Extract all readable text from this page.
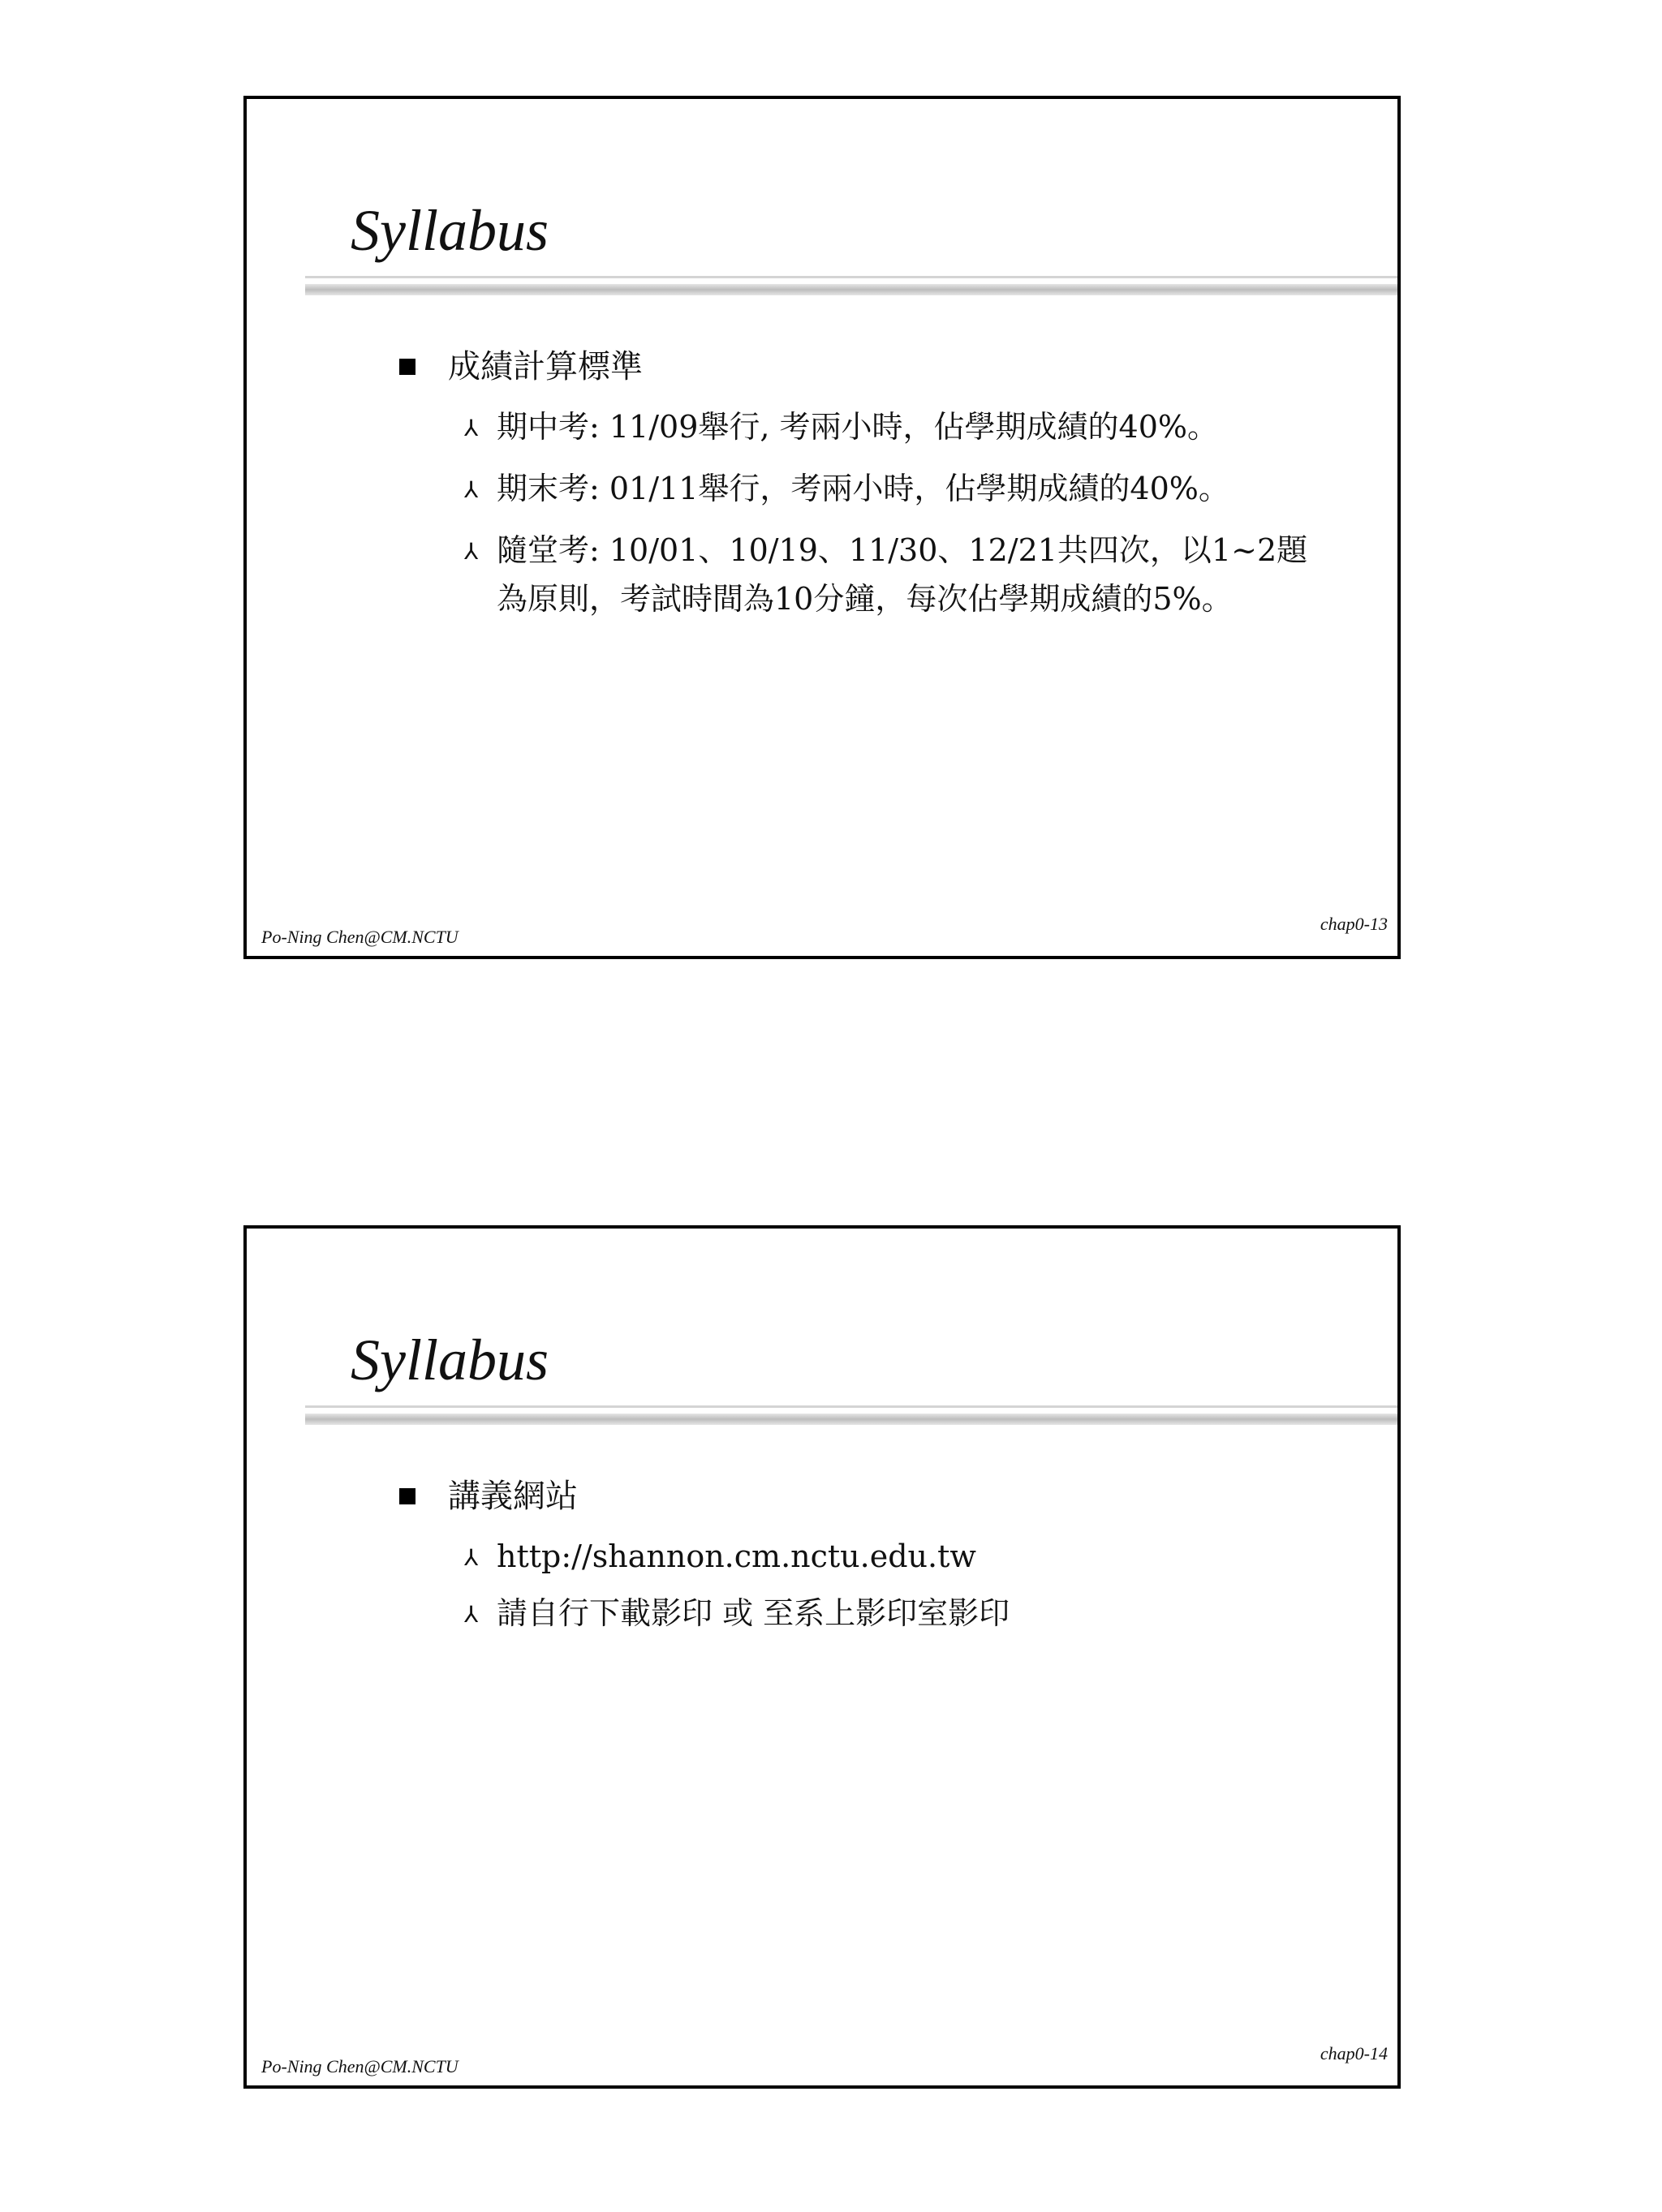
Syllabus
成績計算標準
⅄ 期中考: 11/09舉行, 考兩小時，佔學期成績的40%。
⅄ 期末考: 01/11舉行，考兩小時，佔學期成績的40%。
⅄ 隨堂考: 10/01、10/19、11/30、12/21共四次，以1~2題為原則，考試時間為10分鐘，每次佔學期成績的5%。
Po-Ning Chen@CM.NCTU
chap0-13
Syllabus
講義網站
⅄ http://shannon.cm.nctu.edu.tw
⅄ 請自行下載影印 或 至系上影印室影印
Po-Ning Chen@CM.NCTU
chap0-14
